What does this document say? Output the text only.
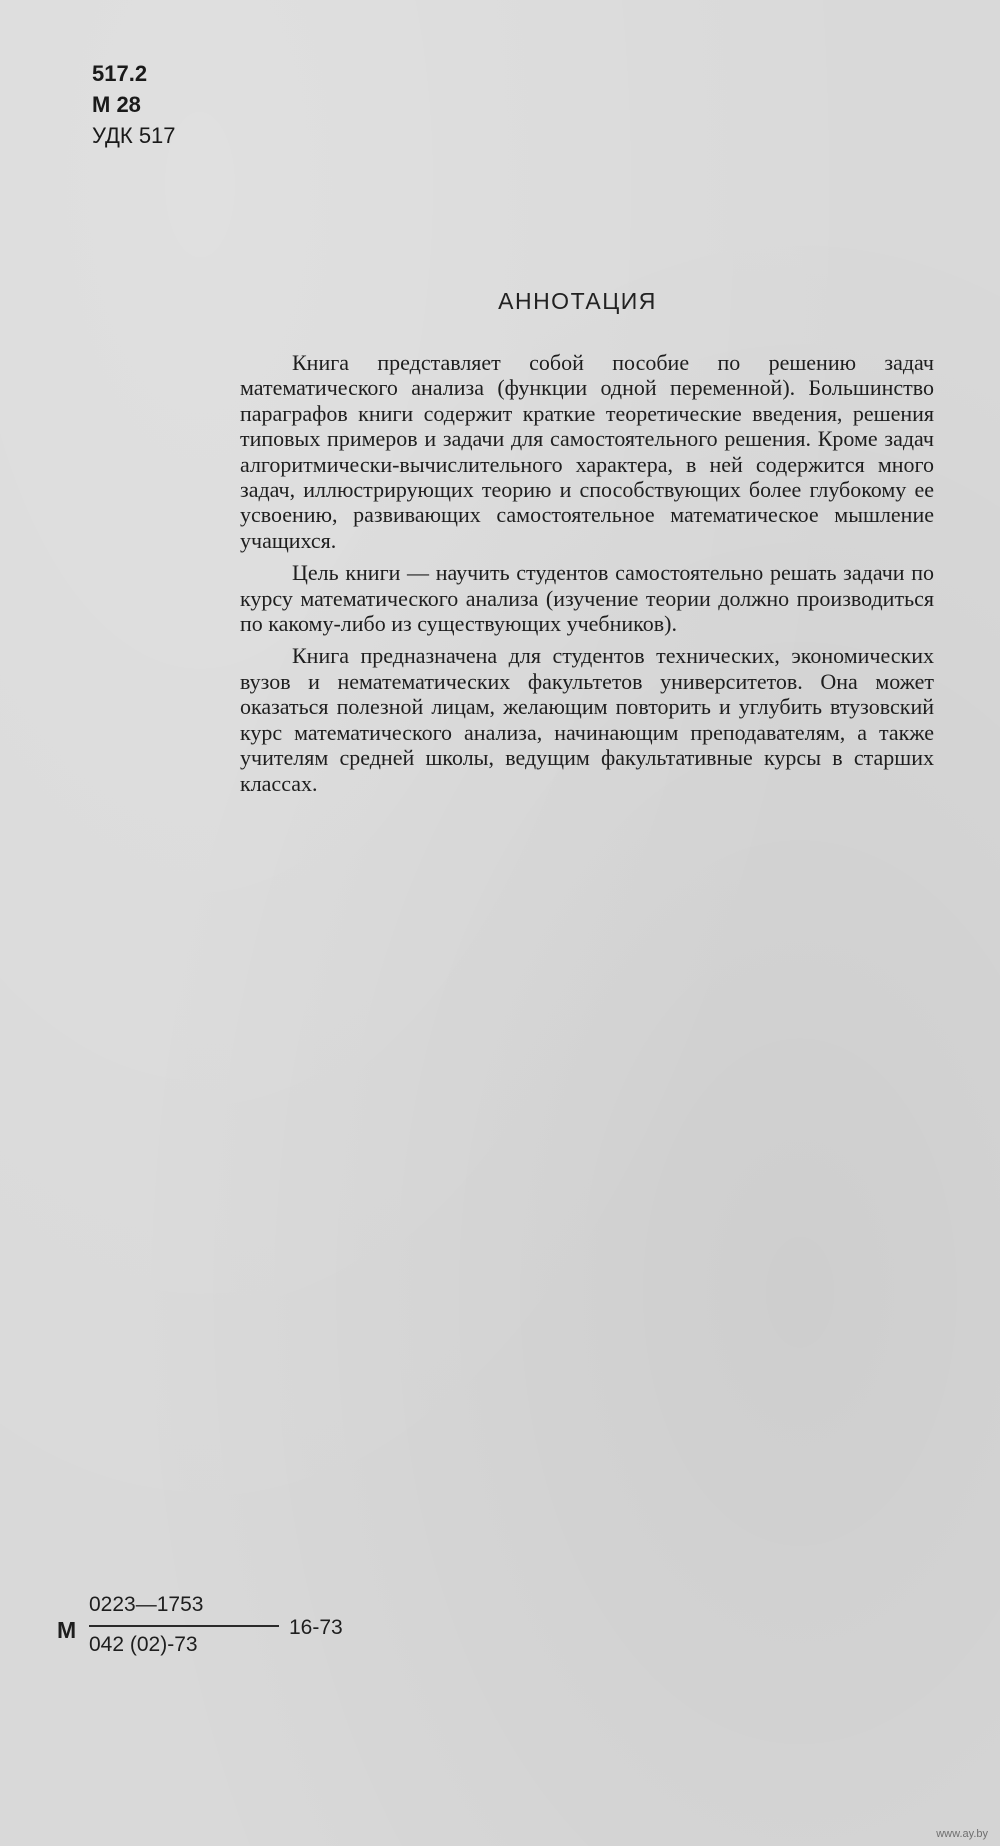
517.2
М 28
УДК 517
АННОТАЦИЯ

Книга представляет собой пособие по решению задач математического анализа (функции одной переменной). Большинство параграфов книги содержит краткие теоретические введения, решения типовых примеров и задачи для самостоятельного решения. Кроме задач алгоритмически-вычислительного характера, в ней содержится много задач, иллюстрирующих теорию и способствующих более глубокому ее усвоению, развивающих самостоятельное математическое мышление учащихся.

Цель книги — научить студентов самостоятельно решать задачи по курсу математического анализа (изучение теории должно производиться по какому-либо из существующих учебников).

Книга предназначена для студентов технических, экономических вузов и нематематических факультетов университетов. Она может оказаться полезной лицам, желающим повторить и углубить втузовский курс математического анализа, начинающим преподавателям, а также учителям средней школы, ведущим факультативные курсы в старших классах.

М
0223—1753
042 (02)-73
16-73
www.ay.by
